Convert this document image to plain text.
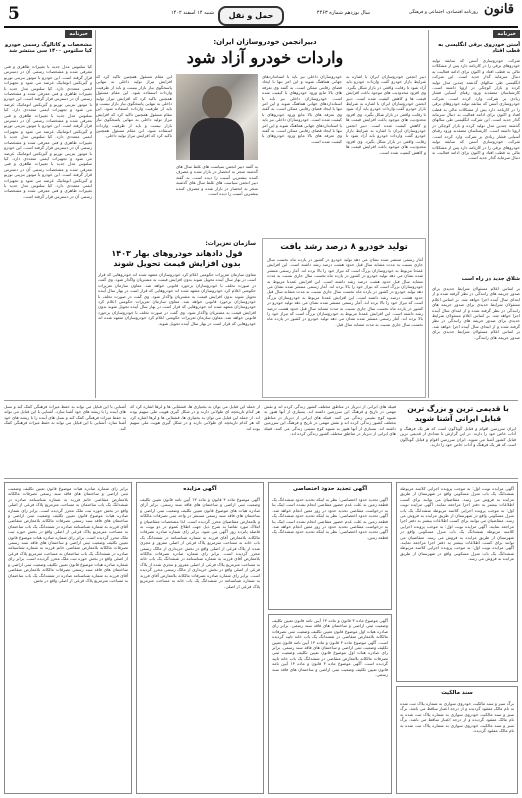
5	حمل و نقل	سال نوزدهم شماره ۴۴۶۳
شنبه ۱۴ اسفند ۱۴۰۲	روزنامه اقتصادی، اجتماعی و فرهنگی قانون
خبرنامه
آستن خودروی برقی انگلیسی به قطب افتاد
شرکت خودروسازی آستن که سابقه تولید خودروهای برقی را در کارنامه دارد پس از مشکلات مالی به قطب افتاد و اکنون برای ادامه فعالیت به دنبال سرمایه گذار جدید است. این شرکت انگلیسی طی سالهای گذشته چندین مدل تولید کرده و بازار کوچکی در اروپا داشته است. کارشناسان معتقدند ورود رقبای آسیایی فشار زیادی بر شرکت وارد کرده است. شرکت خودروسازی آستن که سابقه تولید خودروهای برقی را در کارنامه دارد پس از مشکلات مالی به قطب افتاد و اکنون برای ادامه فعالیت به دنبال سرمایه گذار جدید است. این شرکت انگلیسی طی سالهای گذشته چندین مدل تولید کرده و بازار کوچکی در اروپا داشته است. کارشناسان معتقدند ورود رقبای آسیایی فشار زیادی بر شرکت وارد کرده است. شرکت خودروسازی آستن که سابقه تولید خودروهای برقی را در کارنامه دارد پس از مشکلات مالی به قطب افتاد و اکنون برای ادامه فعالیت به دنبال سرمایه گذار جدید است.
شلاق جدید در راه است
بر اساس اعلام مسئولان شرایط جدیدی برای صدور جریمه های رانندگی در نظر گرفته شده و از ابتدای سال آینده اجرا خواهد شد. بر اساس اعلام مسئولان شرایط جدیدی برای صدور جریمه های رانندگی در نظر گرفته شده و از ابتدای سال آینده اجرا خواهد شد. بر اساس اعلام مسئولان شرایط جدیدی برای صدور جریمه های رانندگی در نظر گرفته شده و از ابتدای سال آینده اجرا خواهد شد. بر اساس اعلام مسئولان شرایط جدیدی برای صدور جریمه های رانندگی.
خبرنامه
مشخصات و کاتالوگ رسمی خودرو کیا سلتوس ۱۴۰۰ سی منتشر شد
کیا سلتوس مدل جدید با تغییرات ظاهری و فنی معرفی شده و مشخصات رسمی آن در دسترس قرار گرفته است. این خودرو با موتور بنزینی توربو و گیربکس اتوماتیک عرضه می شود و تجهیزات ایمنی متعددی دارد. کیا سلتوس مدل جدید با تغییرات ظاهری و فنی معرفی شده و مشخصات رسمی آن در دسترس قرار گرفته است. این خودرو با موتور بنزینی توربو و گیربکس اتوماتیک عرضه می شود و تجهیزات ایمنی متعددی دارد. کیا سلتوس مدل جدید با تغییرات ظاهری و فنی معرفی شده و مشخصات رسمی آن در دسترس قرار گرفته است. این خودرو با موتور بنزینی توربو و گیربکس اتوماتیک عرضه می شود و تجهیزات ایمنی متعددی دارد. کیا سلتوس مدل جدید با تغییرات ظاهری و فنی معرفی شده و مشخصات رسمی آن در دسترس قرار گرفته است. این خودرو با موتور بنزینی توربو و گیربکس اتوماتیک عرضه می شود و تجهیزات ایمنی متعددی دارد. کیا سلتوس مدل جدید با تغییرات ظاهری و فنی معرفی شده و مشخصات رسمی آن در دسترس قرار گرفته است. این خودرو با موتور بنزینی توربو و گیربکس اتوماتیک عرضه می شود و تجهیزات ایمنی متعددی دارد. کیا سلتوس مدل جدید با تغییرات ظاهری و فنی معرفی شده و مشخصات رسمی آن در دسترس قرار گرفته است.
دبیرانجمن خودروسازان ایران:
واردات خودرو آزاد شود
دبیر انجمن خودروسازان ایران با اشاره به شرایط بازار خودرو گفت واردات خودرو باید آزاد شود تا رقابت واقعی در بازار شکل بگیرد. وی افزود محدودیت های موجود باعث افزایش قیمت ها و کاهش کیفیت شده است. دبیر انجمن خودروسازان ایران با اشاره به شرایط بازار خودرو گفت واردات خودرو باید آزاد شود تا رقابت واقعی در بازار شکل بگیرد. وی افزود محدودیت های موجود باعث افزایش قیمت ها و کاهش کیفیت شده است. دبیر انجمن خودروسازان ایران با اشاره به شرایط بازار خودرو گفت واردات خودرو باید آزاد شود تا رقابت واقعی در بازار شکل بگیرد. وی افزود محدودیت های موجود باعث افزایش قیمت ها و کاهش کیفیت شده است.
خودروسازان داخلی نیز باید با استانداردهای جهانی هماهنگ شوند و این امر تنها با ایجاد فضای رقابتی ممکن است. به گفته وی تعرفه های بالا مانع ورود خودروهای با کیفیت شده است. خودروسازان داخلی نیز باید با استانداردهای جهانی هماهنگ شوند و این امر تنها با ایجاد فضای رقابتی ممکن است. به گفته وی تعرفه های بالا مانع ورود خودروهای با کیفیت شده است. خودروسازان داخلی نیز باید با استانداردهای جهانی هماهنگ شوند و این امر تنها با ایجاد فضای رقابتی ممکن است. به گفته وی تعرفه های بالا مانع ورود خودروهای با کیفیت شده است.
این مقام مسئول همچنین تاکید کرد که افزایش تیراژ تولید داخلی به تنهایی پاسخگوی نیاز بازار نیست و باید از ظرفیت واردات استفاده شود. این مقام مسئول همچنین تاکید کرد که افزایش تیراژ تولید داخلی به تنهایی پاسخگوی نیاز بازار نیست و باید از ظرفیت واردات استفاده شود. این مقام مسئول همچنین تاکید کرد که افزایش تیراژ تولید داخلی به تنهایی پاسخگوی نیاز بازار نیست و باید از ظرفیت واردات استفاده شود. این مقام مسئول همچنین تاکید کرد که افزایش تیراژ تولید داخلی.
به گفته دبیر انجمن سیاست های غلط سال های گذشته منجر به انحصار در بازار شده و مصرف کننده بیشترین آسیب را دیده است. به گفته دبیر انجمن سیاست های غلط سال های گذشته منجر به انحصار در بازار شده و مصرف کننده بیشترین آسیب را دیده است.
تولید خودرو ۸ درصد رشد یافت
آمار رسمی منتشر شده نشان می دهد تولید خودرو در کشور در یازده ماه نخست سال جاری نسبت به مدت مشابه سال قبل حدود هشت درصد رشد داشته است. این افزایش عمدتا مربوط به خودروسازان بزرگ است که تیراژ خود را بالا برده اند. آمار رسمی منتشر شده نشان می دهد تولید خودرو در کشور در یازده ماه نخست سال جاری نسبت به مدت مشابه سال قبل حدود هشت درصد رشد داشته است. این افزایش عمدتا مربوط به خودروسازان بزرگ است که تیراژ خود را بالا برده اند. آمار رسمی منتشر شده نشان می دهد تولید خودرو در کشور در یازده ماه نخست سال جاری نسبت به مدت مشابه سال قبل حدود هشت درصد رشد داشته است. این افزایش عمدتا مربوط به خودروسازان بزرگ است که تیراژ خود را بالا برده اند. آمار رسمی منتشر شده نشان می دهد تولید خودرو در کشور در یازده ماه نخست سال جاری نسبت به مدت مشابه سال قبل حدود هشت درصد رشد داشته است. این افزایش عمدتا مربوط به خودروسازان بزرگ است که تیراژ خود را بالا برده اند. آمار رسمی منتشر شده نشان می دهد تولید خودرو در کشور در یازده ماه نخست سال جاری نسبت به مدت مشابه سال قبل.
سازمان تعزیرات:
قول دادهاند خودروهای بهار ۱۴۰۳
بدون افزایش قیمت تحویل شوند
معاون سازمان تعزیرات حکومتی اعلام کرد خودروسازان متعهد شده اند خودروهایی که قرار است در بهار سال آینده تحویل شوند بدون افزایش قیمت به مشتریان واگذار شود. وی گفت در صورت تخلف با خودروسازان برخورد قانونی خواهد شد. معاون سازمان تعزیرات حکومتی اعلام کرد خودروسازان متعهد شده اند خودروهایی که قرار است در بهار سال آینده تحویل شوند بدون افزایش قیمت به مشتریان واگذار شود. وی گفت در صورت تخلف با خودروسازان برخورد قانونی خواهد شد. معاون سازمان تعزیرات حکومتی اعلام کرد خودروسازان متعهد شده اند خودروهایی که قرار است در بهار سال آینده تحویل شوند بدون افزایش قیمت به مشتریان واگذار شود. وی گفت در صورت تخلف با خودروسازان برخورد قانونی خواهد شد. معاون سازمان تعزیرات حکومتی اعلام کرد خودروسازان متعهد شده اند خودروهایی که قرار است در بهار سال آینده تحویل شوند.
با قدیمی ترین و بزرگ ترین
قبایل ایرانی آشنا شوید
ایران سرزمین اقوام و قبایل گوناگون است که هر یک فرهنگ و آداب خاص خود را دارند. در این گزارش با تعدادی از قدیمی ترین قبایل کشور آشنا می شوید. ایران سرزمین اقوام و قبایل گوناگون است که هر یک فرهنگ و آداب خاص خود را دارند.
قبیله های ایرانی از دیرباز در مناطق مختلف کشور زندگی کرده اند و نقش مهمی در تاریخ و فرهنگ این سرزمین داشته اند. بسیاری از آنها هنوز به شیوه کوچ نشینی زندگی می کنند. قبیله های ایرانی از دیرباز در مناطق مختلف کشور زندگی کرده اند و نقش مهمی در تاریخ و فرهنگ این سرزمین داشته اند. بسیاری از آنها هنوز به شیوه کوچ نشینی زندگی می کنند. قبیله های ایرانی از دیرباز در مناطق مختلف کشور زندگی کرده اند.
از جمله این قبایل می توان به بختیاری ها، قشقایی ها و لرها اشاره کرد که هر کدام تاریخچه ای طولانی دارند و در شکل گیری هویت ملی سهیم بوده اند. از جمله این قبایل می توان به بختیاری ها، قشقایی ها و لرها اشاره کرد که هر کدام تاریخچه ای طولانی دارند و در شکل گیری هویت ملی سهیم بوده اند.
آشنایی با این قبایل می تواند به حفظ میراث فرهنگی کمک کند و نسل های آینده را با ریشه های خود آشنا سازد. آشنایی با این قبایل می تواند به حفظ میراث فرهنگی کمک کند و نسل های آینده را با ریشه های خود آشنا سازد. آشنایی با این قبایل می تواند به حفظ میراث فرهنگی کمک کند.
آگهی مزایده نوبت اول: به موجب پرونده اجرایی کلاسه مربوطه ششدانگ یک باب منزل مسکونی واقع در شهرستان از طریق مزایده به فروش می رسد. متقاضیان می توانند برای کسب اطلاعات بیشتر به دفتر اجرا مراجعه نمایند. آگهی مزایده نوبت اول: به موجب پرونده اجرایی کلاسه مربوطه ششدانگ یک باب منزل مسکونی واقع در شهرستان از طریق مزایده به فروش می رسد. متقاضیان می توانند برای کسب اطلاعات بیشتر به دفتر اجرا مراجعه نمایند. آگهی مزایده نوبت اول: به موجب پرونده اجرایی کلاسه مربوطه ششدانگ یک باب منزل مسکونی واقع در شهرستان از طریق مزایده به فروش می رسد. متقاضیان می توانند برای کسب اطلاعات بیشتر به دفتر اجرا مراجعه نمایند. آگهی مزایده نوبت اول: به موجب پرونده اجرایی کلاسه مربوطه ششدانگ یک باب منزل مسکونی واقع در شهرستان از طریق مزایده به فروش می رسد.
سند مالکیت
برگ سبز و سند مالکیت خودروی سواری به شماره پلاک ثبت شده به نام مالک مفقود گردیده و از درجه اعتبار ساقط می باشد. برگ سبز و سند مالکیت خودروی سواری به شماره پلاک ثبت شده به نام مالک مفقود گردیده و از درجه اعتبار ساقط می باشد. برگ سبز و سند مالکیت خودروی سواری به شماره پلاک ثبت شده به نام مالک مفقود گردیده.
آگهی تحدید حدود اختصاصی
آگهی تحدید حدود اختصاصی: نظر به اینکه تحدید حدود ششدانگ یک قطعه زمین به علت عدم حضور متقاضی انجام نشده است اینک بنا به درخواست متقاضی تحدید حدود در روز معین انجام خواهد شد. آگهی تحدید حدود اختصاصی: نظر به اینکه تحدید حدود ششدانگ یک قطعه زمین به علت عدم حضور متقاضی انجام نشده است اینک بنا به درخواست متقاضی تحدید حدود در روز معین انجام خواهد شد. آگهی تحدید حدود اختصاصی: نظر به اینکه تحدید حدود ششدانگ یک قطعه زمین.
آگهی موضوع ماده ۳ قانون و ماده ۱۳ آیین نامه قانون تعیین تکلیف وضعیت ثبتی اراضی و ساختمان های فاقد سند رسمی. برابر رای صادره هیات اول موضوع قانون تعیین تکلیف وضعیت ثبتی تصرفات مالکانه بلامعارض متقاضی در ششدانگ یک باب خانه تایید گردیده است. آگهی موضوع ماده ۳ قانون و ماده ۱۳ آیین نامه قانون تعیین تکلیف وضعیت ثبتی اراضی و ساختمان های فاقد سند رسمی. برابر رای صادره هیات اول موضوع قانون تعیین تکلیف وضعیت ثبتی تصرفات مالکانه بلامعارض متقاضی در ششدانگ یک باب خانه تایید گردیده است. آگهی موضوع ماده ۳ قانون و ماده ۱۳ آیین نامه قانون تعیین تکلیف وضعیت ثبتی اراضی و ساختمان های فاقد سند رسمی.
آگهی مزایده
آگهی موضوع ماده ۳ قانون و ماده ۱۳ آیین نامه قانون تعیین تکلیف وضعیت ثبتی اراضی و ساختمان های فاقد سند رسمی. برابر آرای صادره هیات های موضوع قانون تعیین تکلیف وضعیت ثبتی اراضی و ساختمان های فاقد سند رسمی مستقر در واحد ثبتی تصرفات مالکانه و بلامعارض متقاضیان محرز گردیده است. لذا مشخصات متقاضیان و املاک مورد تقاضا به شرح ذیل جهت اطلاع عموم در دو نوبت به فاصله پانزده روز آگهی می شود. برابر رای شماره صادره تصرفات مالکانه بلامعارض آقای فرزند به شماره شناسنامه در ششدانگ یک باب خانه به مساحت مترمربع پلاک فرعی از اصلی مفروز و مجزی شده از پلاک فرعی از اصلی واقع در بخش خریداری از مالک رسمی محرز گردیده است. برابر رای شماره صادره تصرفات مالکانه بلامعارض آقای فرزند به شماره شناسنامه در ششدانگ یک باب خانه به مساحت مترمربع پلاک فرعی از اصلی مفروز و مجزی شده از پلاک فرعی از اصلی واقع در بخش خریداری از مالک رسمی محرز گردیده است. برابر رای شماره صادره تصرفات مالکانه بلامعارض آقای فرزند به شماره شناسنامه در ششدانگ یک باب خانه به مساحت مترمربع پلاک فرعی از اصلی.
برابر رای شماره صادره هیات موضوع قانون تعیین تکلیف وضعیت ثبتی اراضی و ساختمان های فاقد سند رسمی تصرفات مالکانه بلامعارض متقاضی خانم فرزند به شماره شناسنامه صادره در ششدانگ یک باب ساختمان به مساحت مترمربع پلاک فرعی از اصلی واقع در بخش حوزه ثبت ملک محرز گردیده است. برابر رای شماره صادره هیات موضوع قانون تعیین تکلیف وضعیت ثبتی اراضی و ساختمان های فاقد سند رسمی تصرفات مالکانه بلامعارض متقاضی آقای فرزند به شماره شناسنامه صادره در ششدانگ یک باب ساختمان به مساحت مترمربع پلاک فرعی از اصلی واقع در بخش حوزه ثبت ملک محرز گردیده است. برابر رای شماره صادره هیات موضوع قانون تعیین تکلیف وضعیت ثبتی اراضی و ساختمان های فاقد سند رسمی تصرفات مالکانه بلامعارض متقاضی خانم فرزند به شماره شناسنامه صادره در ششدانگ یک باب ساختمان به مساحت مترمربع پلاک فرعی از اصلی واقع در بخش حوزه ثبت ملک محرز گردیده است. برابر رای شماره صادره هیات موضوع قانون تعیین تکلیف وضعیت ثبتی اراضی و ساختمان های فاقد سند رسمی تصرفات مالکانه بلامعارض متقاضی آقای فرزند به شماره شناسنامه صادره در ششدانگ یک باب ساختمان به مساحت مترمربع پلاک فرعی از اصلی واقع در بخش.
